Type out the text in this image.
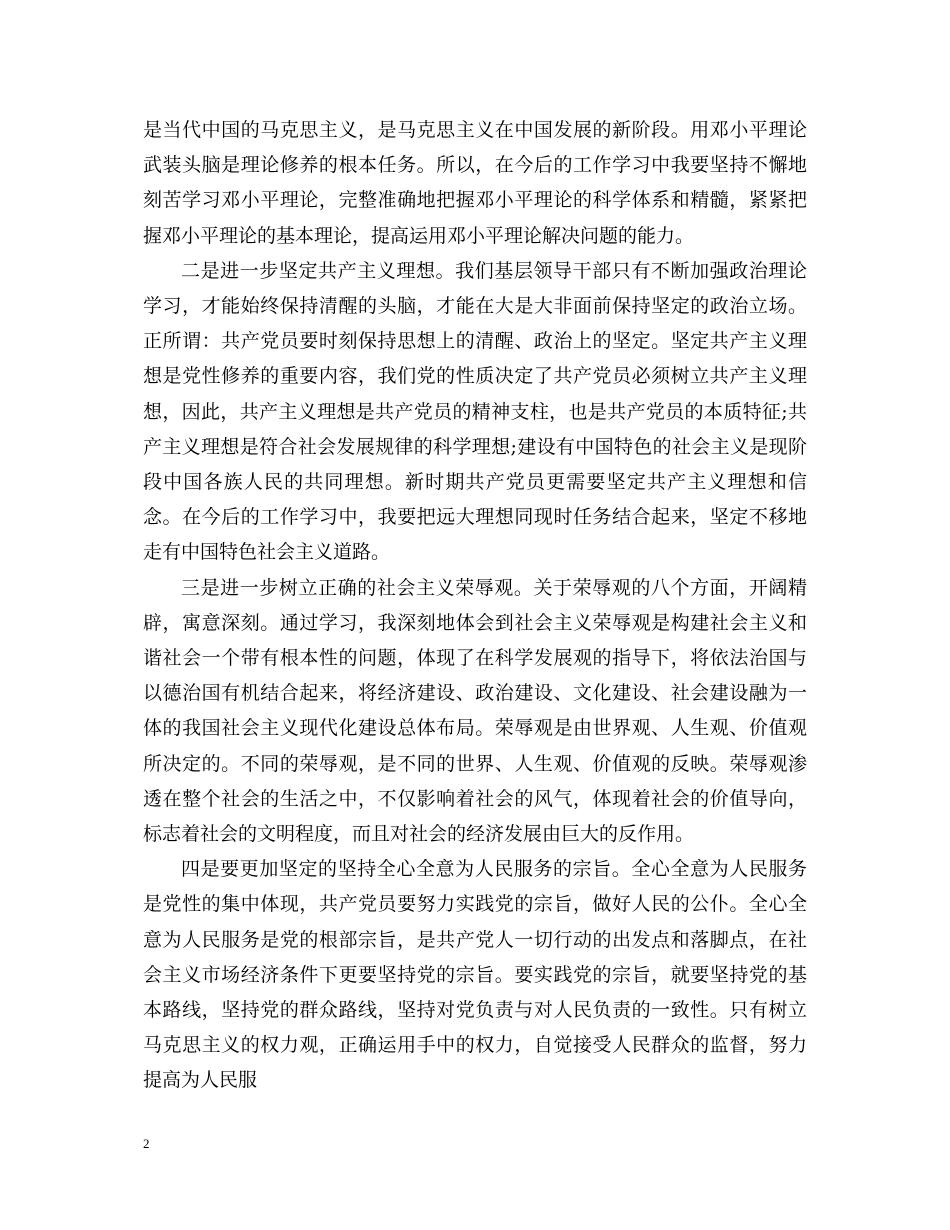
是当代中国的马克思主义，是马克思主义在中国发展的新阶段。用邓小平理论武装头脑是理论修养的根本任务。所以，在今后的工作学习中我要坚持不懈地刻苦学习邓小平理论，完整准确地把握邓小平理论的科学体系和精髓，紧紧把握邓小平理论的基本理论，提高运用邓小平理论解决问题的能力。

二是进一步坚定共产主义理想。我们基层领导干部只有不断加强政治理论学习，才能始终保持清醒的头脑，才能在大是大非面前保持坚定的政治立场。正所谓：共产党员要时刻保持思想上的清醒、政治上的坚定。坚定共产主义理想是党性修养的重要内容，我们党的性质决定了共产党员必须树立共产主义理想，因此，共产主义理想是共产党员的精神支柱，也是共产党员的本质特征;共产主义理想是符合社会发展规律的科学理想;建设有中国特色的社会主义是现阶段中国各族人民的共同理想。新时期共产党员更需要坚定共产主义理想和信念。在今后的工作学习中，我要把远大理想同现时任务结合起来，坚定不移地走有中国特色社会主义道路。

三是进一步树立正确的社会主义荣辱观。关于荣辱观的八个方面，开阔精辟，寓意深刻。通过学习，我深刻地体会到社会主义荣辱观是构建社会主义和谐社会一个带有根本性的问题，体现了在科学发展观的指导下，将依法治国与以德治国有机结合起来，将经济建设、政治建设、文化建设、社会建设融为一体的我国社会主义现代化建设总体布局。荣辱观是由世界观、人生观、价值观所决定的。不同的荣辱观，是不同的世界、人生观、价值观的反映。荣辱观渗透在整个社会的生活之中，不仅影响着社会的风气，体现着社会的价值导向，标志着社会的文明程度，而且对社会的经济发展由巨大的反作用。

四是要更加坚定的坚持全心全意为人民服务的宗旨。全心全意为人民服务是党性的集中体现，共产党员要努力实践党的宗旨，做好人民的公仆。全心全意为人民服务是党的根部宗旨，是共产党人一切行动的出发点和落脚点，在社会主义市场经济条件下更要坚持党的宗旨。要实践党的宗旨，就要坚持党的基本路线，坚持党的群众路线，坚持对党负责与对人民负责的一致性。只有树立马克思主义的权力观，正确运用手中的权力，自觉接受人民群众的监督，努力提高为人民服

2
